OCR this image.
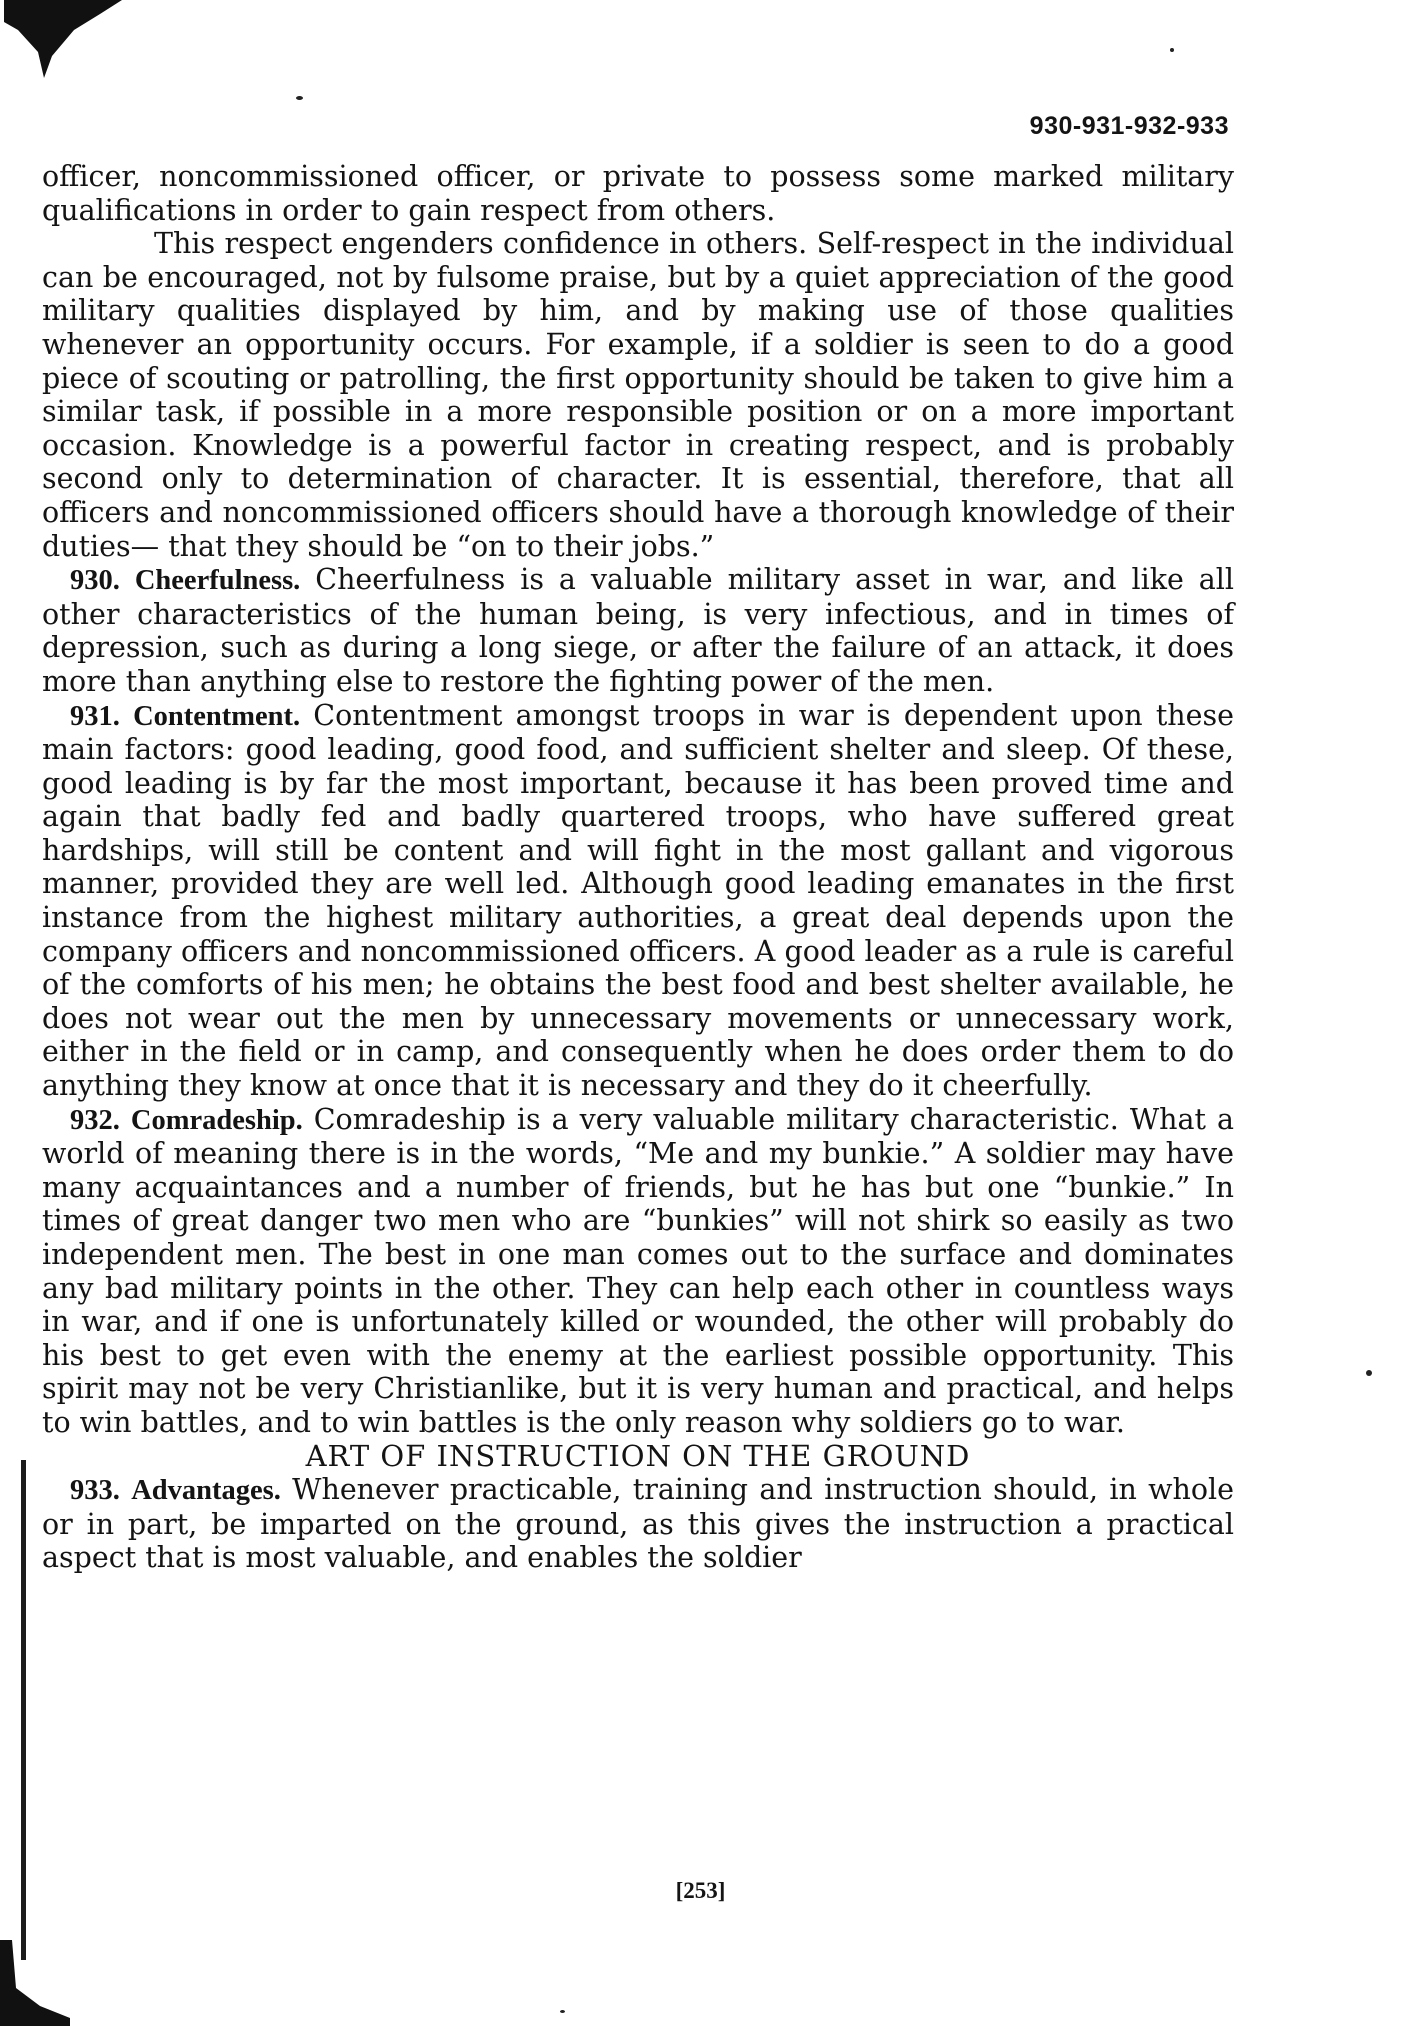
930-931-932-933

officer, noncommissioned officer, or private to possess some marked military qualifications in order to gain respect from others.

This respect engenders confidence in others. Self-respect in the individual can be encouraged, not by fulsome praise, but by a quiet appreciation of the good military qualities displayed by him, and by making use of those qualities whenever an opportunity occurs. For example, if a soldier is seen to do a good piece of scouting or patrolling, the first opportunity should be taken to give him a similar task, if possible in a more responsible position or on a more important occasion. Knowledge is a powerful factor in creating respect, and is probably second only to determination of character. It is essential, therefore, that all officers and noncommissioned officers should have a thorough knowledge of their duties— that they should be “on to their jobs.”

930. Cheerfulness. Cheerfulness is a valuable military asset in war, and like all other characteristics of the human being, is very infectious, and in times of depression, such as during a long siege, or after the failure of an attack, it does more than anything else to restore the fighting power of the men.

931. Contentment. Contentment amongst troops in war is dependent upon these main factors: good leading, good food, and sufficient shelter and sleep. Of these, good leading is by far the most important, because it has been proved time and again that badly fed and badly quartered troops, who have suffered great hardships, will still be content and will fight in the most gallant and vigorous manner, provided they are well led. Although good leading emanates in the first instance from the highest military authorities, a great deal depends upon the company officers and noncommissioned officers. A good leader as a rule is careful of the comforts of his men; he obtains the best food and best shelter available, he does not wear out the men by unnecessary movements or unnecessary work, either in the field or in camp, and consequently when he does order them to do anything they know at once that it is necessary and they do it cheerfully.

932. Comradeship. Comradeship is a very valuable military characteristic. What a world of meaning there is in the words, “Me and my bunkie.” A soldier may have many acquaintances and a number of friends, but he has but one “bunkie.” In times of great danger two men who are “bunkies” will not shirk so easily as two independent men. The best in one man comes out to the surface and dominates any bad military points in the other. They can help each other in countless ways in war, and if one is unfortunately killed or wounded, the other will probably do his best to get even with the enemy at the earliest possible opportunity. This spirit may not be very Christianlike, but it is very human and practical, and helps to win battles, and to win battles is the only reason why soldiers go to war.

ART OF INSTRUCTION ON THE GROUND

933. Advantages. Whenever practicable, training and instruction should, in whole or in part, be imparted on the ground, as this gives the instruction a practical aspect that is most valuable, and enables the soldier

[253]
